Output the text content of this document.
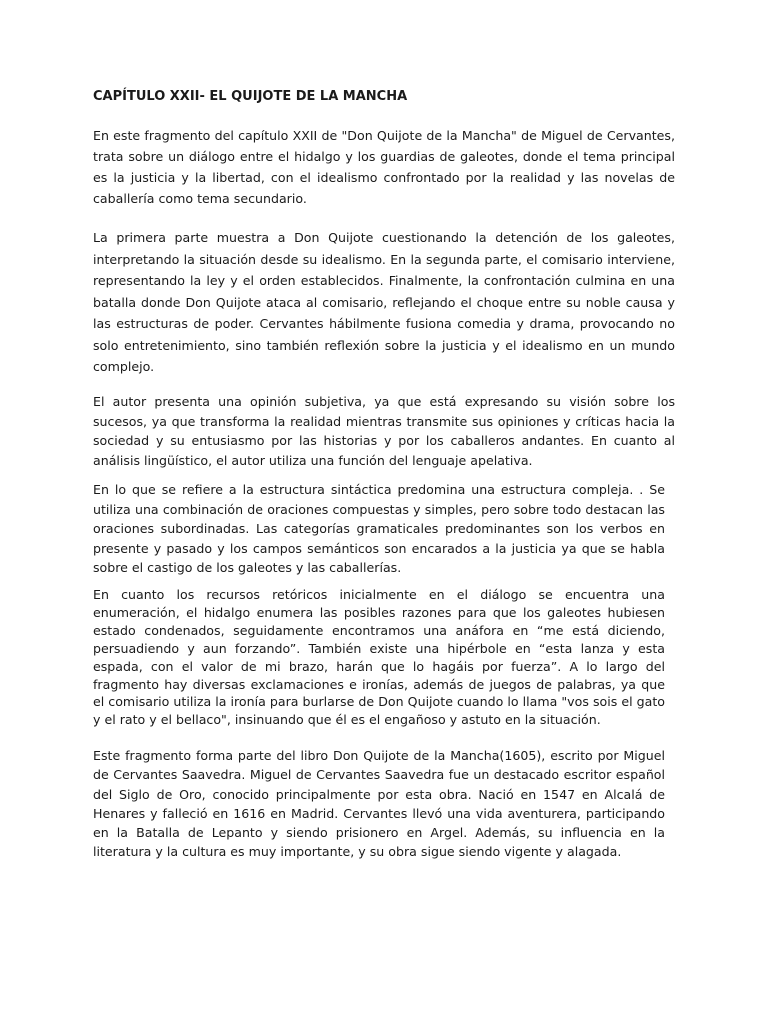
CAPÍTULO XXII- EL QUIJOTE DE LA MANCHA

En este fragmento del capítulo XXII de "Don Quijote de la Mancha" de Miguel de Cervantes, trata sobre un diálogo entre el hidalgo y los guardias de galeotes, donde el tema principal es la justicia y la libertad, con el idealismo confrontado por la realidad y las novelas de caballería como tema secundario.

La primera parte muestra a Don Quijote cuestionando la detención de los galeotes, interpretando la situación desde su idealismo. En la segunda parte, el comisario interviene, representando la ley y el orden establecidos. Finalmente, la confrontación culmina en una batalla donde Don Quijote ataca al comisario, reflejando el choque entre su noble causa y las estructuras de poder. Cervantes hábilmente fusiona comedia y drama, provocando no solo entretenimiento, sino también reflexión sobre la justicia y el idealismo en un mundo complejo.

El autor presenta una opinión subjetiva, ya que está expresando su visión sobre los sucesos, ya que transforma la realidad mientras transmite sus opiniones y críticas hacia la sociedad y su entusiasmo por las historias y por los caballeros andantes. En cuanto al análisis lingüístico, el autor utiliza una función del lenguaje apelativa.

En lo que se refiere a la estructura sintáctica predomina una estructura compleja. . Se utiliza una combinación de oraciones compuestas y simples, pero sobre todo destacan las oraciones subordinadas. Las categorías gramaticales predominantes son los verbos en presente y pasado y los campos semánticos son encarados a la justicia ya que se habla sobre el castigo de los galeotes y las caballerías.

En cuanto los recursos retóricos inicialmente en el diálogo se encuentra una enumeración, el hidalgo enumera las posibles razones para que los galeotes hubiesen estado condenados, seguidamente encontramos una anáfora en “me está diciendo, persuadiendo y aun forzando”. También existe una hipérbole en “esta lanza y esta espada, con el valor de mi brazo, harán que lo hagáis por fuerza”. A lo largo del fragmento hay diversas exclamaciones e ironías, además de juegos de palabras, ya que el comisario utiliza la ironía para burlarse de Don Quijote cuando lo llama "vos sois el gato y el rato y el bellaco", insinuando que él es el engañoso y astuto en la situación.

Este fragmento forma parte del libro Don Quijote de la Mancha(1605), escrito por Miguel de Cervantes Saavedra. Miguel de Cervantes Saavedra fue un destacado escritor español del Siglo de Oro, conocido principalmente por esta obra. Nació en 1547 en Alcalá de Henares y falleció en 1616 en Madrid. Cervantes llevó una vida aventurera, participando en la Batalla de Lepanto y siendo prisionero en Argel. Además, su influencia en la literatura y la cultura es muy importante, y su obra sigue siendo vigente y alagada.
